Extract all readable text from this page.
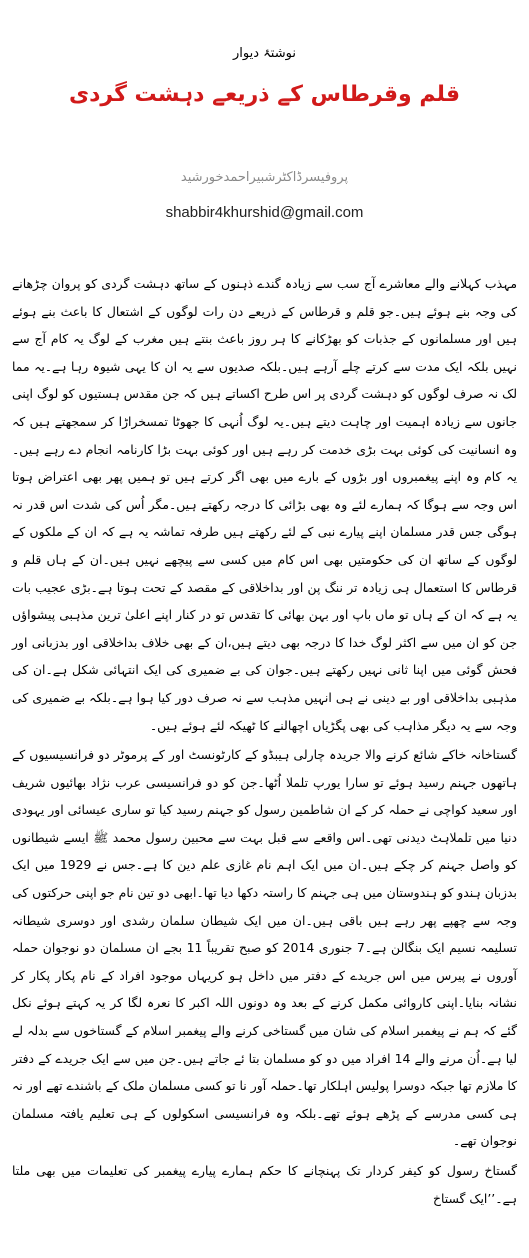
نوشتۂ دیوار
قلم وقرطاس کے ذریعے دہشت گردی
پروفیسرڈاکٹرشبیراحمدخورشید
shabbir4khurshid@gmail.com

مہذب کہلانے والے معاشرے آج سب سے زیادہ گندے ذہنوں کے ساتھ دہشت گردی کو پروان چڑھانے کی وجہ بنے ہوئے ہیں۔جو قلم و قرطاس کے ذریعے دن رات لوگوں کے اشتعال کا باعث بنے ہوئے ہیں اور مسلمانوں کے جذبات کو بھڑکانے کا ہر روز باعث بنتے ہیں مغرب کے لوگ یہ کام آج سے نہیں بلکہ ایک مدت سے کرتے چلے آرہے ہیں۔بلکہ صدیوں سے یہ ان کا یہی شیوہ رہا ہے۔یہ مما لک نہ صرف لوگوں کو دہشت گردی پر اس طرح اکساتے ہیں کہ جن مقدس ہستیوں کو لوگ اپنی جانوں سے زیادہ اہمیت اور چاہت دیتے ہیں۔یہ لوگ اُنہی کا جھوٹا تمسخراڑا کر سمجھتے ہیں کہ وہ انسانیت کی کوئی بہت بڑی خدمت کر رہے ہیں اور کوئی بہت بڑا کارنامہ انجام دے رہے ہیں۔یہ کام وہ اپنے پیغمبروں اور بڑوں کے بارے میں بھی اگر کرتے ہیں تو ہمیں پھر بھی اعتراض ہوتا اس وجہ سے ہوگا کہ ہمارے لئے وہ بھی بڑائی کا درجہ رکھتے ہیں۔مگر اُس کی شدت اس قدر نہ ہوگی جس قدر مسلمان اپنے پیارے نبی کے لئے رکھتے ہیں طرفہ تماشہ یہ ہے کہ ان کے ملکوں کے لوگوں کے ساتھ ان کی حکومتیں بھی اس کام میں کسی سے پیچھے نہیں ہیں۔ان کے ہاں قلم و قرطاس کا استعمال ہی زیادہ تر ننگ پن اور بداخلاقی کے مقصد کے تحت ہوتا ہے۔بڑی عجیب بات یہ ہے کہ ان کے ہاں تو ماں باپ اور بہن بھائی کا تقدس تو در کنار اپنے اعلیٰ ترین مذہبی پیشواؤں جن کو ان میں سے اکثر لوگ خدا کا درجہ بھی دیتے ہیں،ان کے بھی خلاف بداخلاقی اور بدزبانی اور فحش گوئی میں اپنا ثانی نہیں رکھتے ہیں۔جوان کی بے ضمیری کی ایک انتہائی شکل ہے۔ان کی مذہبی بداخلاقی اور بے دینی نے ہی انہیں مذہب سے نہ صرف دور کیا ہوا ہے۔بلکہ بے ضمیری کی وجہ سے یہ دیگر مذاہب کی بھی پگڑیاں اچھالنے کا ٹھیکہ لئے ہوئے ہیں۔

گستاخانہ خاکے شائع کرنے والا جریدہ چارلی ہیبڈو کے کارٹونسٹ اور کے پرموٹر دو فرانسیسیوں کے ہاتھوں جہنم رسید ہوئے تو سارا یورپ تلملا اُٹھا۔جن کو دو فرانسیسی عرب نژاد بھائیوں شریف اور سعید کواچی نے حملہ کر کے ان شاطمین رسول کو جہنم رسید کیا تو ساری عیسائی اور یہودی دنیا میں تلملاہٹ دیدنی تھی۔اس واقعے سے قبل بہت سے محبین رسول محمد ﷺ ایسے شیطانوں کو واصل جہنم کر چکے ہیں۔ان میں ایک اہم نام غازی علم دین کا ہے۔جس نے 1929 میں ایک بدزبان ہندو کو ہندوستان میں ہی جہنم کا راستہ دکھا دیا تھا۔ابھی دو تین نام جو اپنی حرکتوں کی وجہ سے چھپے پھر رہے ہیں باقی ہیں۔ان میں ایک شیطان سلمان رشدی اور دوسری شیطانہ تسلیمہ نسیم ایک بنگالن ہے۔7 جنوری 2014 کو صبح تقریباً 11 بجے ان مسلمان دو نوجوان حملہ آوروں نے پیرس میں اس جریدے کے دفتر میں داخل ہو کریہاں موجود افراد کے نام پکار پکار کر نشانہ بنایا۔اپنی کاروائی مکمل کرنے کے بعد وہ دونوں اللہ اکبر کا نعرہ لگا کر یہ کہتے ہوئے نکل گئے کہ ہم نے پیغمبر اسلام کی شان میں گستاخی کرنے والے پیغمبر اسلام کے گستاخوں سے بدلہ لے لیا ہے۔اُن مرنے والے 14 افراد میں دو کو مسلمان بتا ئے جاتے ہیں۔جن میں سے ایک جریدے کے دفتر کا ملازم تھا جبکہ دوسرا پولیس اہلکار تھا۔حملہ آور نا تو کسی مسلمان ملک کے باشندے تھے اور نہ ہی کسی مدرسے کے پڑھے ہوئے تھے۔بلکہ وہ فرانسیسی اسکولوں کے ہی تعلیم یافتہ مسلمان نوجوان تھے۔

گستاخ رسول کو کیفر کردار تک پہنچانے کا حکم ہمارے پیارے پیغمبر کی تعلیمات میں بھی ملتا ہے۔’’ایک گستاخ
